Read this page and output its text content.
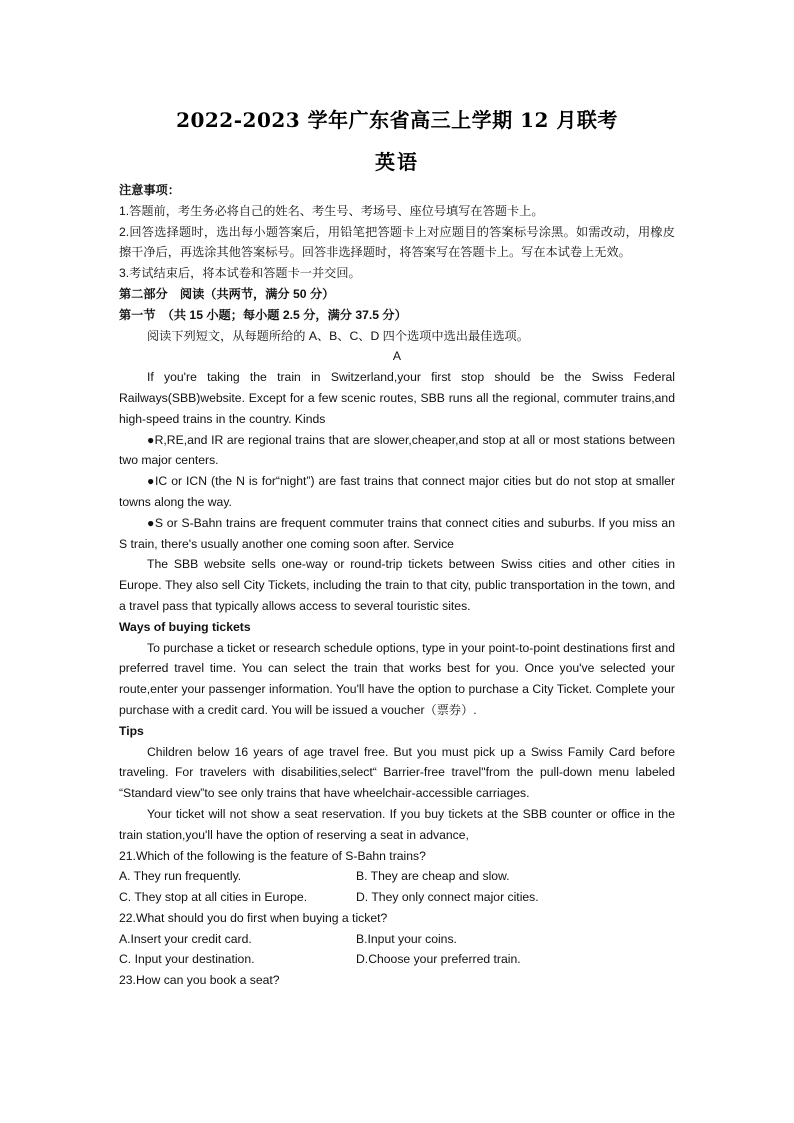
2022-2023 学年广东省高三上学期 12 月联考
英语
注意事项：
1.答题前，考生务必将自己的姓名、考生号、考场号、座位号填写在答题卡上。
2.回答选择题时，选出每小题答案后，用铅笔把答题卡上对应题目的答案标号涂黑。如需改动，用橡皮擦干净后，再选涂其他答案标号。回答非选择题时，将答案写在答题卡上。写在本试卷上无效。
3.考试结束后，将本试卷和答题卡一并交回。
第二部分　阅读（共两节，满分 50 分）
第一节　（共 15 小题；每小题 2.5 分，满分 37.5 分）
阅读下列短文，从每题所给的 A、B、C、D 四个选项中选出最佳选项。
A
If you're taking the train in Switzerland,your first stop should be the Swiss Federal Railways(SBB)website. Except for a few scenic routes, SBB runs all the regional, commuter trains,and high-speed trains in the country. Kinds
●R,RE,and IR are regional trains that are slower,cheaper,and stop at all or most stations between two major centers.
●IC or ICN (the N is for“night”) are fast trains that connect major cities but do not stop at smaller towns along the way.
●S or S-Bahn trains are frequent commuter trains that connect cities and suburbs. If you miss an S train, there's usually another one coming soon after. Service
The SBB website sells one-way or round-trip tickets between Swiss cities and other cities in Europe. They also sell City Tickets, including the train to that city, public transportation in the town, and a travel pass that typically allows access to several touristic sites.
Ways of buying tickets
To purchase a ticket or research schedule options, type in your point-to-point destinations first and preferred travel time. You can select the train that works best for you. Once you've selected your route,enter your passenger information. You'll have the option to purchase a City Ticket. Complete your purchase with a credit card. You will be issued a voucher（票券）.
Tips
Children below 16 years of age travel free. But you must pick up a Swiss Family Card before traveling. For travelers with disabilities,select“ Barrier-free travel"from the pull-down menu labeled “Standard view”to see only trains that have wheelchair-accessible carriages.
Your ticket will not show a seat reservation. If you buy tickets at the SBB counter or office in the train station,you'll have the option of reserving a seat in advance,
21.Which of the following is the feature of S-Bahn trains?
A. They run frequently.	B. They are cheap and slow.
C. They stop at all cities in Europe.	D. They only connect major cities.
22.What should you do first when buying a ticket?
A.Insert your credit card.	B.Input your coins.
C. Input your destination.	D.Choose your preferred train.
23.How can you book a seat?
